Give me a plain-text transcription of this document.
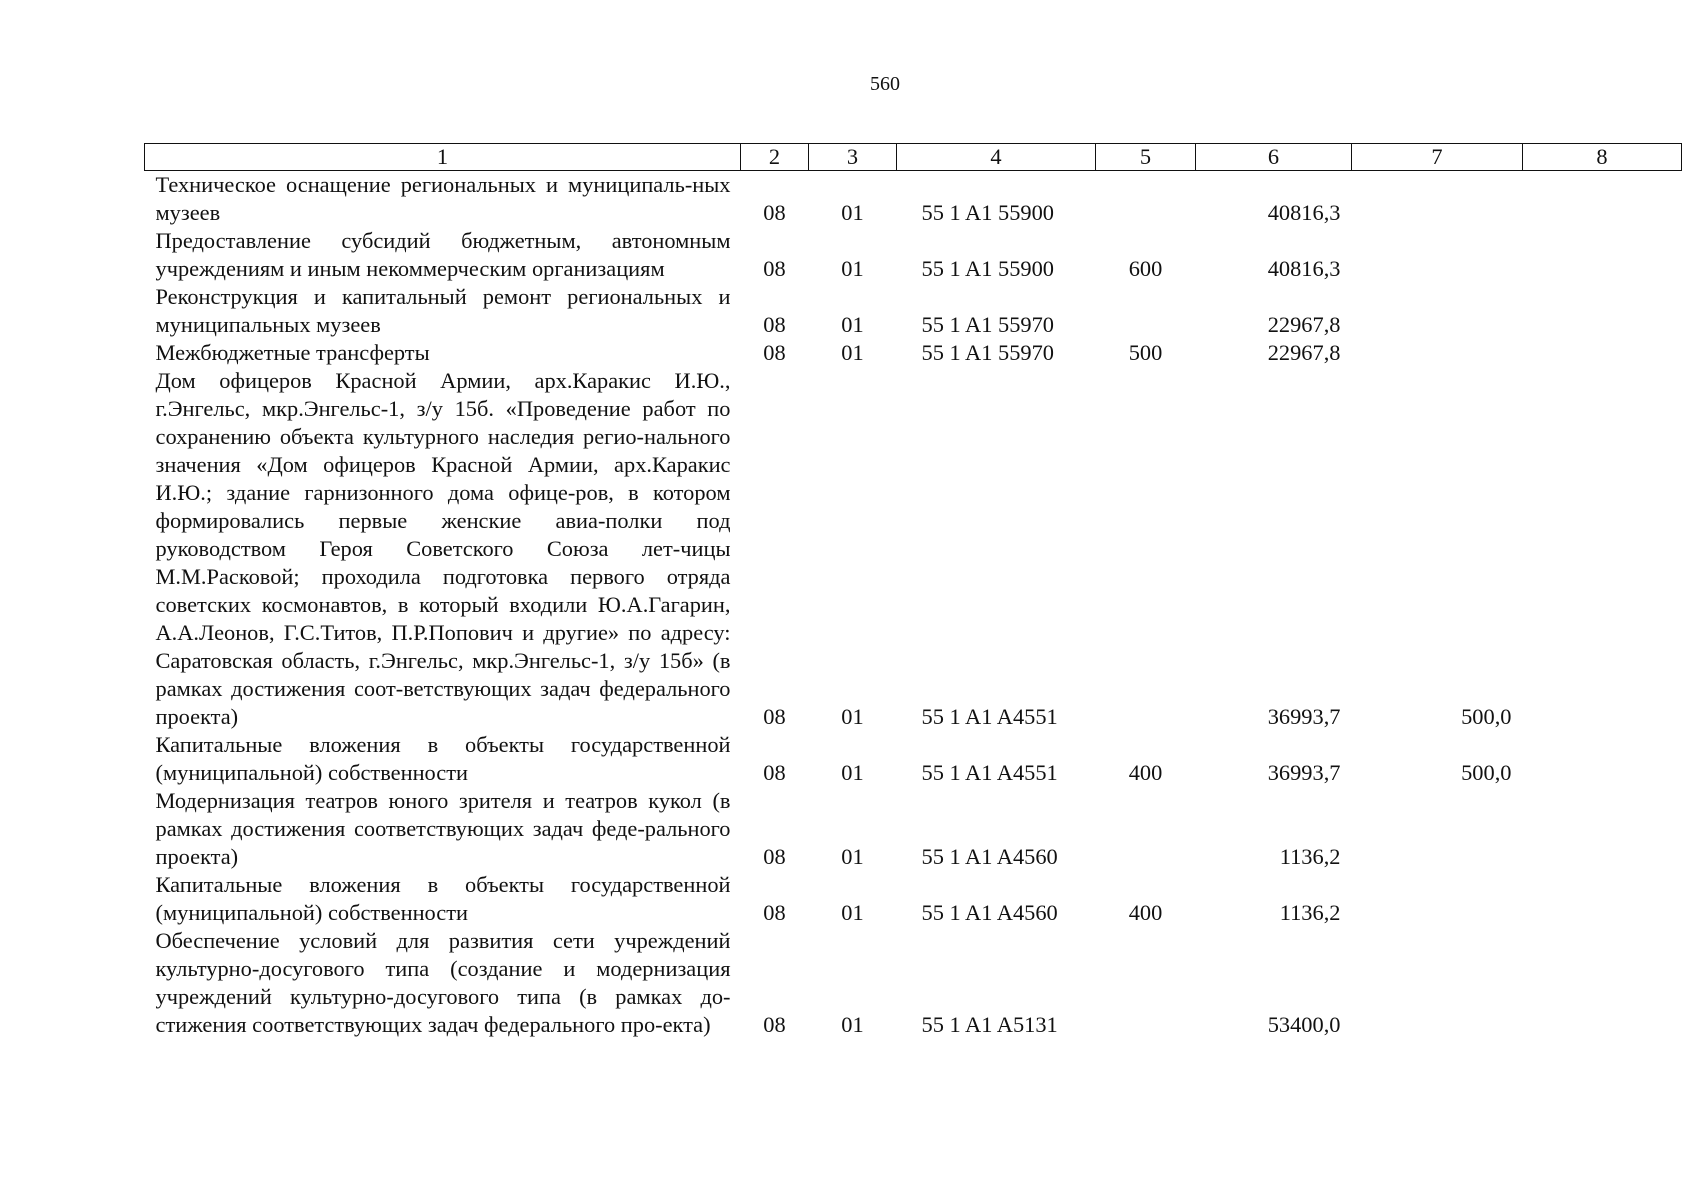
560
1	2	3	4	5	6	7	8
Техническое оснащение региональных и муниципаль-ных музеев	08	01	55 1 A1 55900		40816,3		
Предоставление субсидий бюджетным, автономным учреждениям и иным некоммерческим организациям	08	01	55 1 A1 55900	600	40816,3		
Реконструкция и капитальный ремонт региональных и муниципальных музеев	08	01	55 1 A1 55970		22967,8		
Межбюджетные трансферты	08	01	55 1 A1 55970	500	22967,8		
Дом офицеров Красной Армии, арх.Каракис И.Ю., г.Энгельс, мкр.Энгельс-1, з/у 15б. «Проведение работ по сохранению объекта культурного наследия регио-нального значения «Дом офицеров Красной Армии, арх.Каракис И.Ю.; здание гарнизонного дома офице-ров, в котором формировались первые женские авиа-полки под руководством Героя Советского Союза лет-чицы М.М.Расковой; проходила подготовка первого отряда советских космонавтов, в который входили Ю.А.Гагарин, А.А.Леонов, Г.С.Титов, П.Р.Попович и другие» по адресу: Саратовская область, г.Энгельс, мкр.Энгельс-1, з/у 15б» (в рамках достижения соот-ветствующих задач федерального проекта)	08	01	55 1 A1 A4551		36993,7	500,0	
Капитальные вложения в объекты государственной (муниципальной) собственности	08	01	55 1 A1 A4551	400	36993,7	500,0	
Модернизация театров юного зрителя и театров кукол (в рамках достижения соответствующих задач феде-рального проекта)	08	01	55 1 A1 A4560		1136,2		
Капитальные вложения в объекты государственной (муниципальной) собственности	08	01	55 1 A1 A4560	400	1136,2		
Обеспечение условий для развития сети учреждений культурно-досугового типа (создание и модернизация учреждений культурно-досугового типа (в рамках до-стижения соответствующих задач федерального про-екта)	08	01	55 1 A1 A5131		53400,0		
